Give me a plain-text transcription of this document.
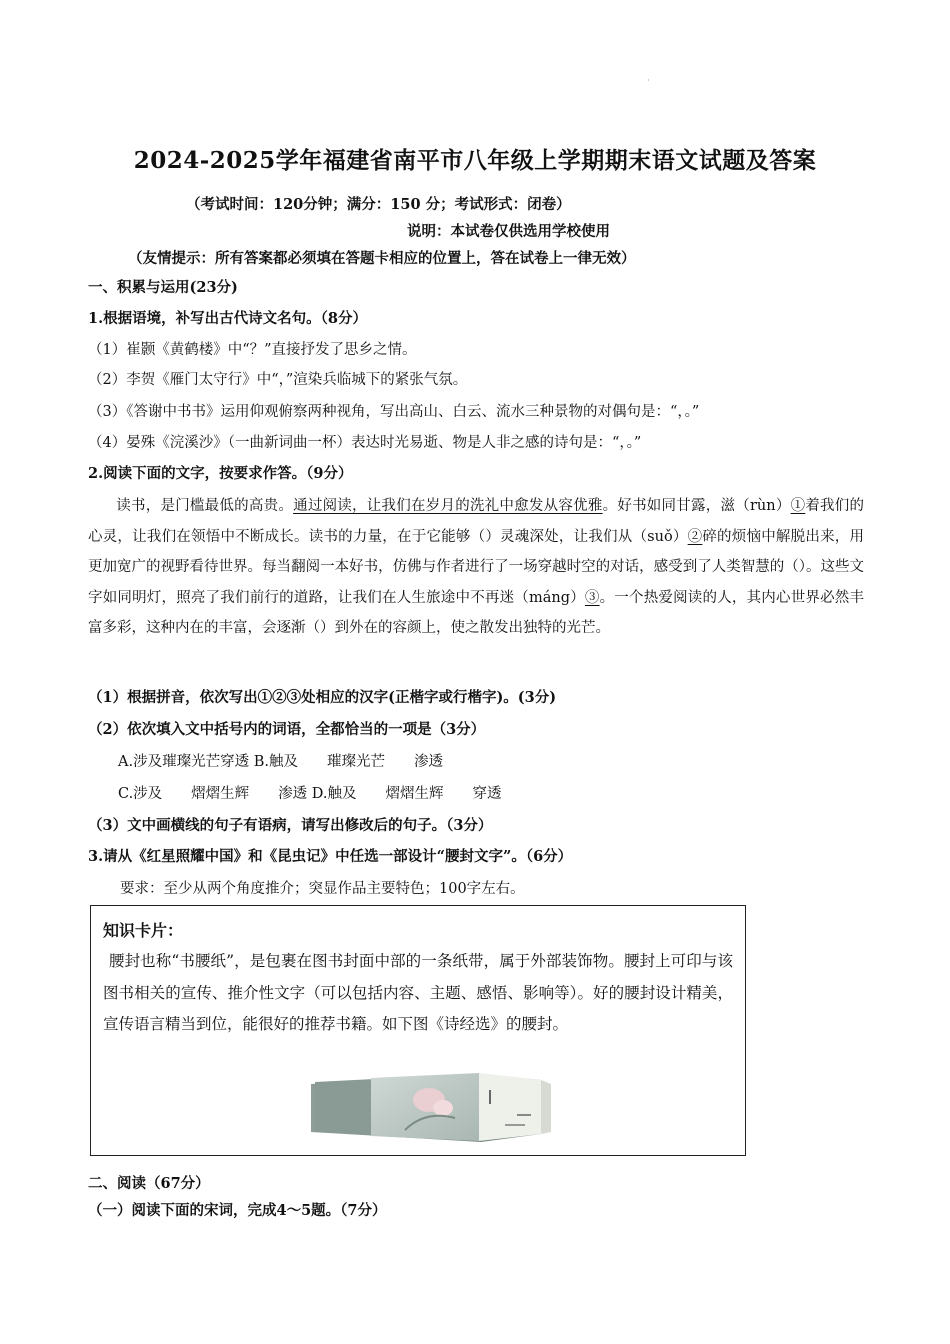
·
2024-2025学年福建省南平市八年级上学期期末语文试题及答案
（考试时间：120分钟；满分：150 分；考试形式：闭卷）
说明：本试卷仅供选用学校使用
（友情提示：所有答案都必须填在答题卡相应的位置上，答在试卷上一律无效）
一、积累与运用(23分)
1.根据语境，补写出古代诗文名句。（8分）
（1）崔颢《黄鹤楼》中“？”直接抒发了思乡之情。
（2）李贺《雁门太守行》中“，”渲染兵临城下的紧张气氛。
（3）《答谢中书书》运用仰观俯察两种视角，写出高山、白云、流水三种景物的对偶句是：“，。”
（4）晏殊《浣溪沙》（一曲新词曲一杯）表达时光易逝、物是人非之感的诗句是：“，。”
2.阅读下面的文字，按要求作答。（9分）
读书，是门槛最低的高贵。通过阅读，让我们在岁月的洗礼中愈发从容优雅。好书如同甘露，滋（rùn）①着我们的心灵，让我们在领悟中不断成长。读书的力量，在于它能够（）灵魂深处，让我们从（suǒ）②碎的烦恼中解脱出来，用更加宽广的视野看待世界。每当翻阅一本好书，仿佛与作者进行了一场穿越时空的对话，感受到了人类智慧的（）。这些文字如同明灯，照亮了我们前行的道路，让我们在人生旅途中不再迷（máng）③。一个热爱阅读的人，其内心世界必然丰富多彩，这种内在的丰富，会逐渐（）到外在的容颜上，使之散发出独特的光芒。
（1）根据拼音，依次写出①②③处相应的汉字(正楷字或行楷字)。(3分)
（2）依次填入文中括号内的词语，全都恰当的一项是（3分）
A.涉及璀璨光芒穿透 B.触及　　璀璨光芒　　渗透
C.涉及　　熠熠生辉　　渗透 D.触及　　熠熠生辉　　穿透
（3）文中画横线的句子有语病，请写出修改后的句子。（3分）
3.请从《红星照耀中国》和《昆虫记》中任选一部设计“腰封文字”。（6分）
要求：至少从两个角度推介；突显作品主要特色；100字左右。
知识卡片：
腰封也称“书腰纸”，是包裹在图书封面中部的一条纸带，属于外部装饰物。腰封上可印与该图书相关的宣传、推介性文字（可以包括内容、主题、感悟、影响等）。好的腰封设计精美，宣传语言精当到位，能很好的推荐书籍。如下图《诗经选》的腰封。
二、阅读（67分）
（一）阅读下面的宋词，完成4～5题。（7分）
